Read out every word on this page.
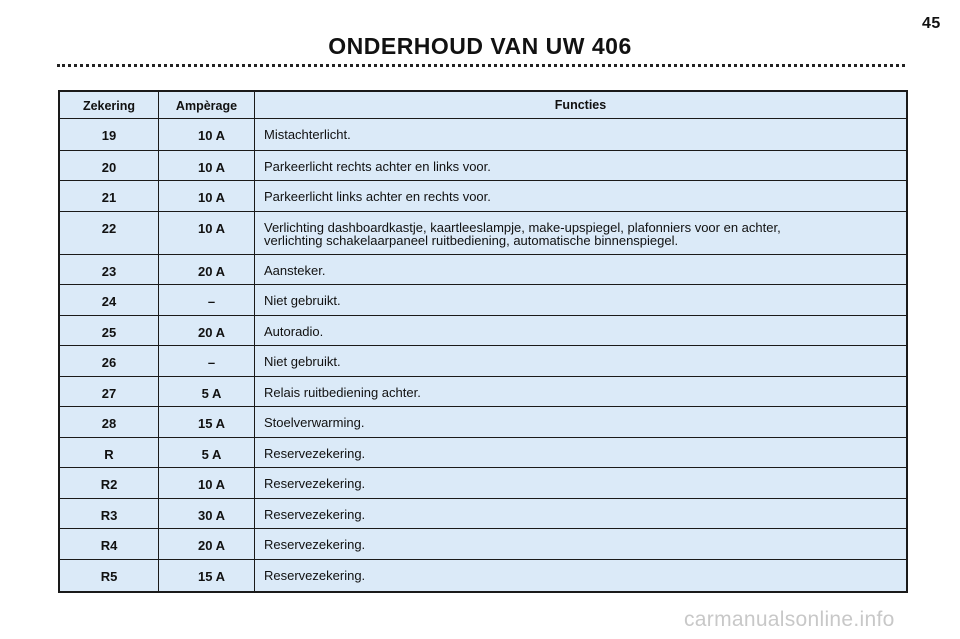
45
ONDERHOUD VAN UW 406
Zekering	Ampèrage	Functies
19	10 A	Mistachterlicht.
20	10 A	Parkeerlicht rechts achter en links voor.
21	10 A	Parkeerlicht links achter en rechts voor.
22	10 A	Verlichting dashboardkastje, kaartleeslampje, make-upspiegel, plafonniers voor en achter,
verlichting schakelaarpaneel ruitbediening, automatische binnenspiegel.
23	20 A	Aansteker.
24	–	Niet gebruikt.
25	20 A	Autoradio.
26	–	Niet gebruikt.
27	5 A	Relais ruitbediening achter.
28	15 A	Stoelverwarming.
R	5 A	Reservezekering.
R2	10 A	Reservezekering.
R3	30 A	Reservezekering.
R4	20 A	Reservezekering.
R5	15 A	Reservezekering.
carmanualsonline.info
